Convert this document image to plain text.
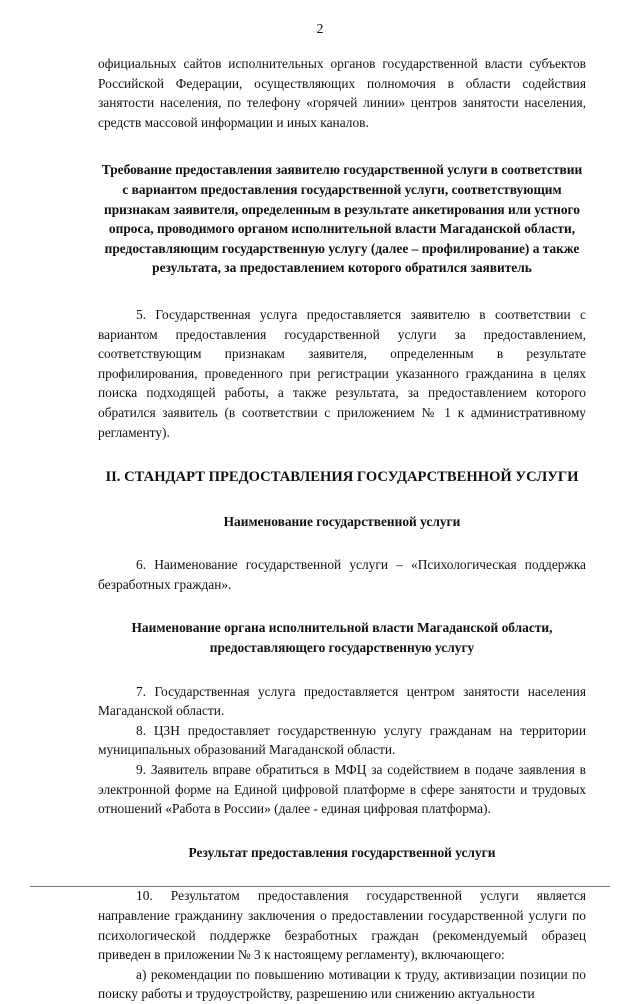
2

официальных сайтов исполнительных органов государственной власти субъектов Российской Федерации, осуществляющих полномочия в области содействия занятости населения, по телефону «горячей линии» центров занятости населения, средств массовой информации и иных каналов.

Требование предоставления заявителю государственной услуги в соответствии с вариантом предоставления государственной услуги, соответствующим признакам заявителя, определенным в результате анкетирования или устного опроса, проводимого органом исполнительной власти Магаданской области, предоставляющим государственную услугу (далее – профилирование) а также результата, за предоставлением которого обратился заявитель

5. Государственная услуга предоставляется заявителю в соответствии с вариантом предоставления государственной услуги за предоставлением, соответствующим признакам заявителя, определенным в результате профилирования, проведенного при регистрации указанного гражданина в целях поиска подходящей работы, а также результата, за предоставлением которого обратился заявитель (в соответствии с приложением № 1 к административному регламенту).

II. СТАНДАРТ ПРЕДОСТАВЛЕНИЯ ГОСУДАРСТВЕННОЙ УСЛУГИ

Наименование государственной услуги

6. Наименование государственной услуги – «Психологическая поддержка безработных граждан».

Наименование органа исполнительной власти Магаданской области, предоставляющего государственную услугу

7. Государственная услуга предоставляется центром занятости населения Магаданской области.

8. ЦЗН предоставляет государственную услугу гражданам на территории муниципальных образований Магаданской области.

9. Заявитель вправе обратиться в МФЦ за содействием в подаче заявления в электронной форме на Единой цифровой платформе в сфере занятости и трудовых отношений «Работа в России» (далее - единая цифровая платформа).

Результат предоставления государственной услуги

10. Результатом предоставления государственной услуги является направление гражданину заключения о предоставлении государственной услуги по психологической поддержке безработных граждан (рекомендуемый образец приведен в приложении № 3 к настоящему регламенту), включающего:

а) рекомендации по повышению мотивации к труду, активизации позиции по поиску работы и трудоустройству, разрешению или снижению актуальности
